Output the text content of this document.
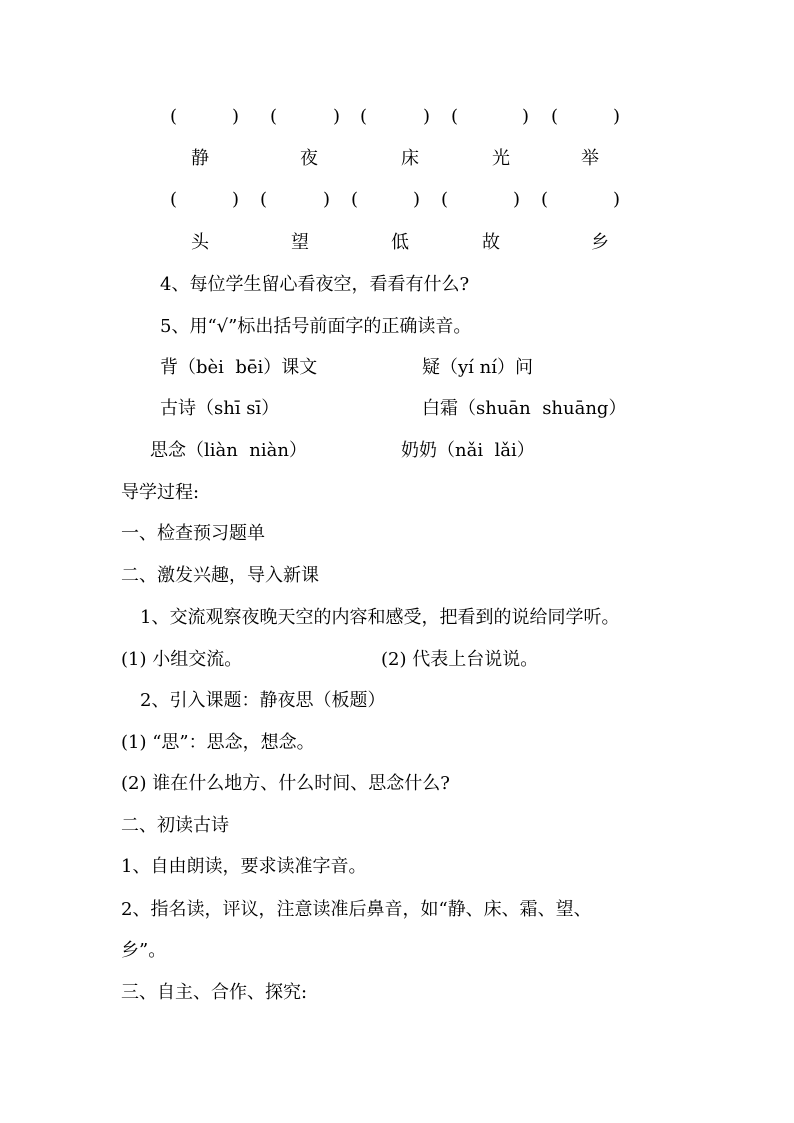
(	) (	) (	) (	) (	)
静	夜	床	光	举
(	) (	) (	) (	) (	)
头	望	低	故	乡
4、每位学生留心看夜空，看看有什么?
5、用“√”标出括号前面字的正确读音。
背（bèi  bēi）课文	疑（yí ní）问
古诗（shī sī）	白霜（shuān  shuāng）
思念（liàn  niàn）	奶奶（nǎi  lǎi）
导学过程:
一、检查预习题单
二、激发兴趣，导入新课
1、交流观察夜晚天空的内容和感受，把看到的说给同学听。
(1) 小组交流。	(2) 代表上台说说。
2、引入课题：静夜思（板题）
(1) “思”：思念，想念。
(2) 谁在什么地方、什么时间、思念什么?
二、初读古诗
1、自由朗读，要求读准字音。
2、指名读，评议，注意读准后鼻音，如“静、床、霜、望、
乡”。
三、自主、合作、探究:
